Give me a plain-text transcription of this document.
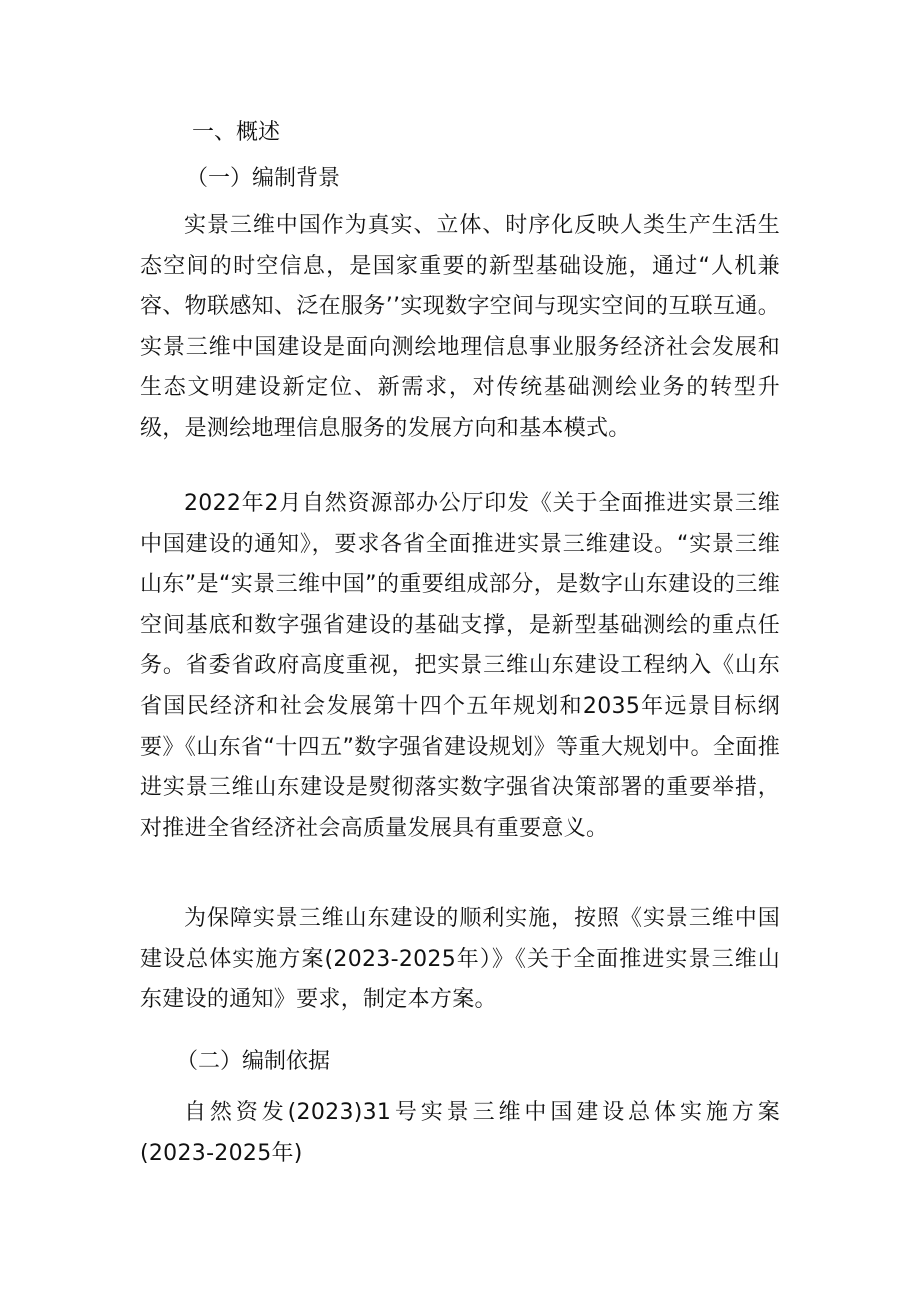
一、概述
（一）编制背景

实景三维中国作为真实、立体、时序化反映人类生产生活生态空间的时空信息，是国家重要的新型基础设施，通过“人机兼容、物联感知、泛在服务’’实现数字空间与现实空间的互联互通。实景三维中国建设是面向测绘地理信息事业服务经济社会发展和生态文明建设新定位、新需求，对传统基础测绘业务的转型升级，是测绘地理信息服务的发展方向和基本模式。

2022年2月自然资源部办公厅印发《关于全面推进实景三维中国建设的通知》，要求各省全面推进实景三维建设。“实景三维山东”是“实景三维中国”的重要组成部分，是数字山东建设的三维空间基底和数字强省建设的基础支撑，是新型基础测绘的重点任务。省委省政府高度重视，把实景三维山东建设工程纳入《山东省国民经济和社会发展第十四个五年规划和2035年远景目标纲要》《山东省“十四五”数字强省建设规划》等重大规划中。全面推进实景三维山东建设是熨彻落实数字强省决策部署的重要举措，对推进全省经济社会高质量发展具有重要意义。

为保障实景三维山东建设的顺利实施，按照《实景三维中国建设总体实施方案(2023-2025年）》《关于全面推进实景三维山东建设的通知》要求，制定本方案。

（二）编制依据

自然资发(2023)31号实景三维中国建设总体实施方案(2023-2025年)
